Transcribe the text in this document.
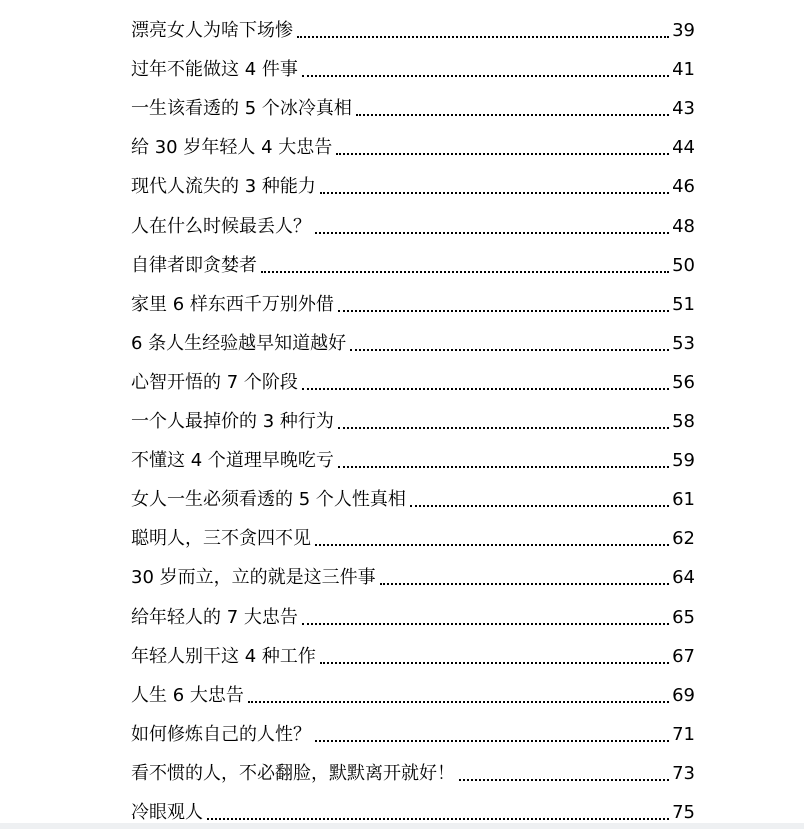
漂亮女人为啥下场惨	39
过年不能做这 4 件事	41
一生该看透的 5 个冰冷真相	43
给 30 岁年轻人 4 大忠告	44
现代人流失的 3 种能力	46
人在什么时候最丢人？	48
自律者即贪婪者	50
家里 6 样东西千万别外借	51
6 条人生经验越早知道越好	53
心智开悟的 7 个阶段	56
一个人最掉价的 3 种行为	58
不懂这 4 个道理早晚吃亏	59
女人一生必须看透的 5 个人性真相	61
聪明人，三不贪四不见	62
30 岁而立，立的就是这三件事	64
给年轻人的 7 大忠告	65
年轻人别干这 4 种工作	67
人生 6 大忠告	69
如何修炼自己的人性？	71
看不惯的人，不必翻脸，默默离开就好！	73
冷眼观人	75
